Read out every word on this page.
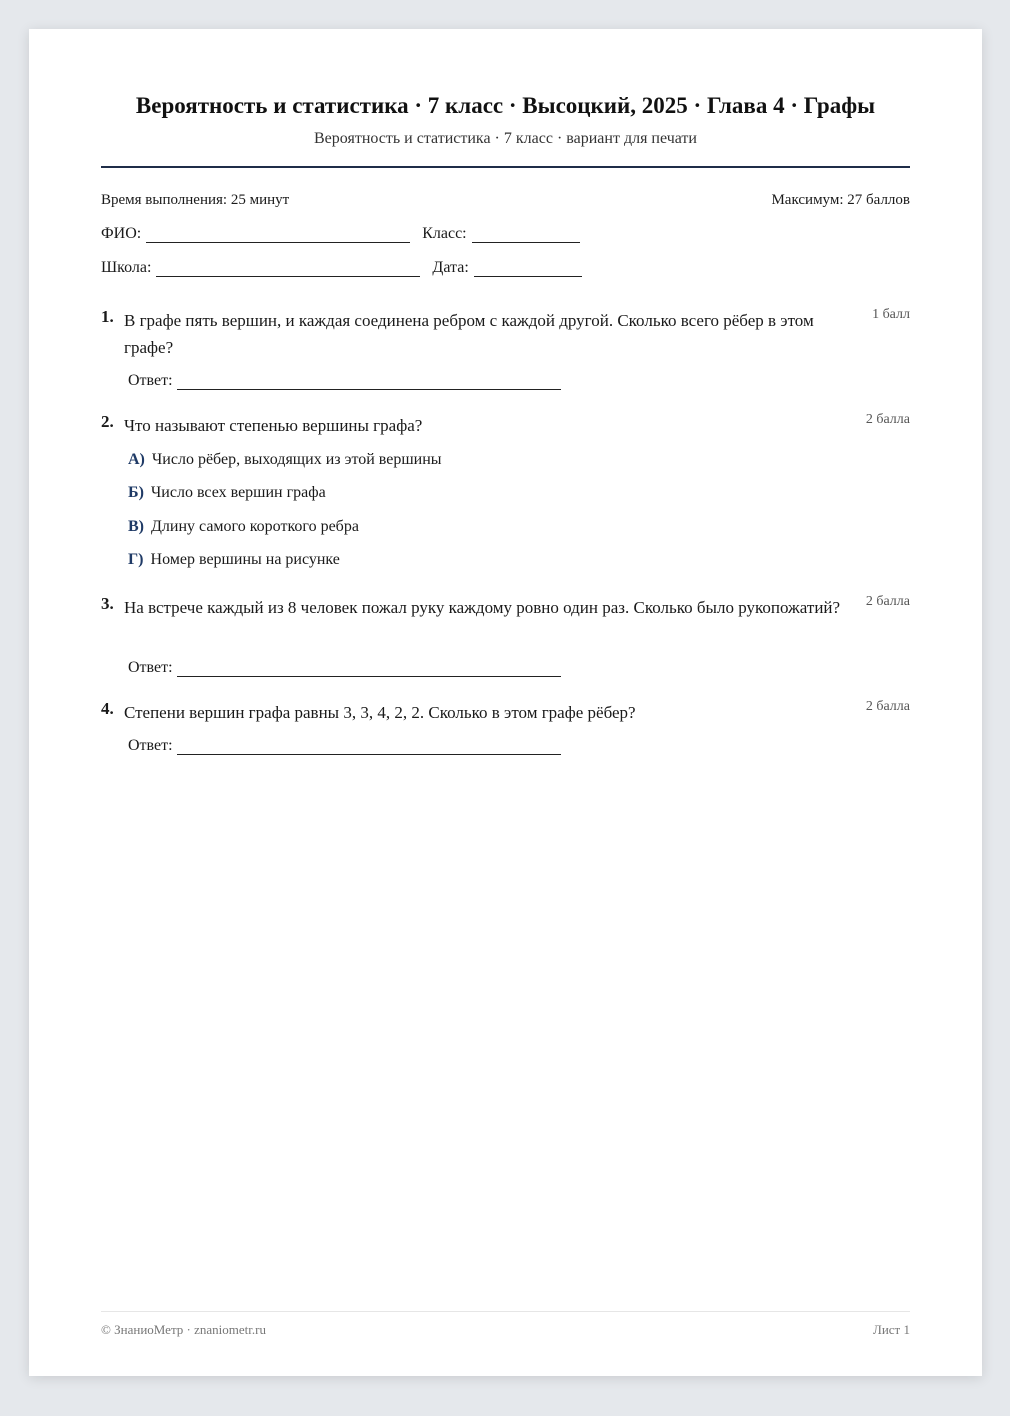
Вероятность и статистика · 7 класс · Высоцкий, 2025 · Глава 4 · Графы
Вероятность и статистика · 7 класс · вариант для печати
Время выполнения: 25 минут	Максимум: 27 баллов
ФИО:	Класс:
Школа:	Дата:
1. В графе пять вершин, и каждая соединена ребром с каждой другой. Сколько всего рёбер в этом графе?
1 балл
Ответ:
2. Что называют степенью вершины графа?	2 балла
А) Число рёбер, выходящих из этой вершины
Б) Число всех вершин графа
В) Длину самого короткого ребра
Г) Номер вершины на рисунке
3. На встрече каждый из 8 человек пожал руку каждому ровно один раз. Сколько было рукопожатий?	2 балла
Ответ:
4. Степени вершин графа равны 3, 3, 4, 2, 2. Сколько в этом графе рёбер?	2 балла
Ответ:
© ЗнаниоМетр · znaniometr.ru	Лист 1
